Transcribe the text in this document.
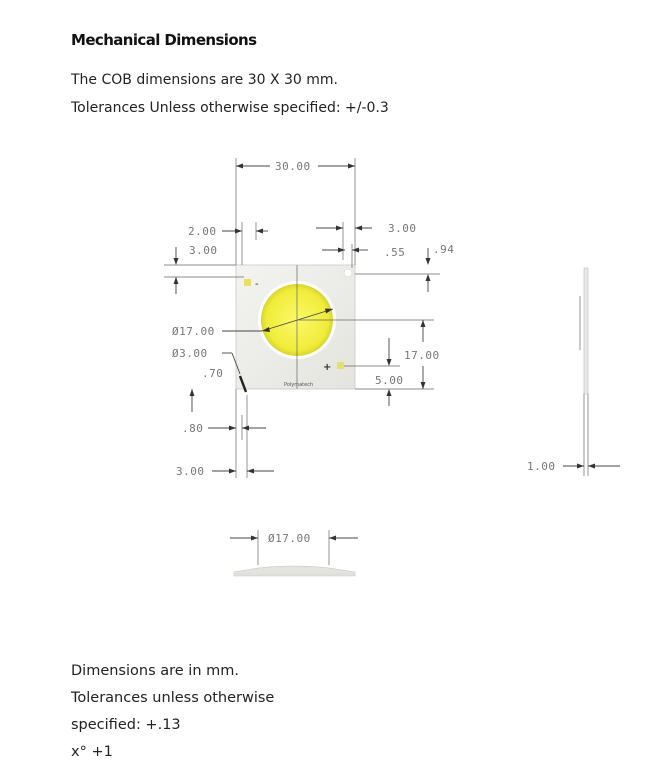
Mechanical Dimensions
The COB dimensions are 30 X 30 mm.
Tolerances Unless otherwise specified: +/-0.3
-
+
Polymatech
30.00
2.00
3.00
3.00
.55	.94
Ø17.00
17.00
5.00
Ø3.00
.70
.80
3.00	1.00
Ø17.00
Dimensions are in mm.
Tolerances unless otherwise
specified: +.13
x° +1
